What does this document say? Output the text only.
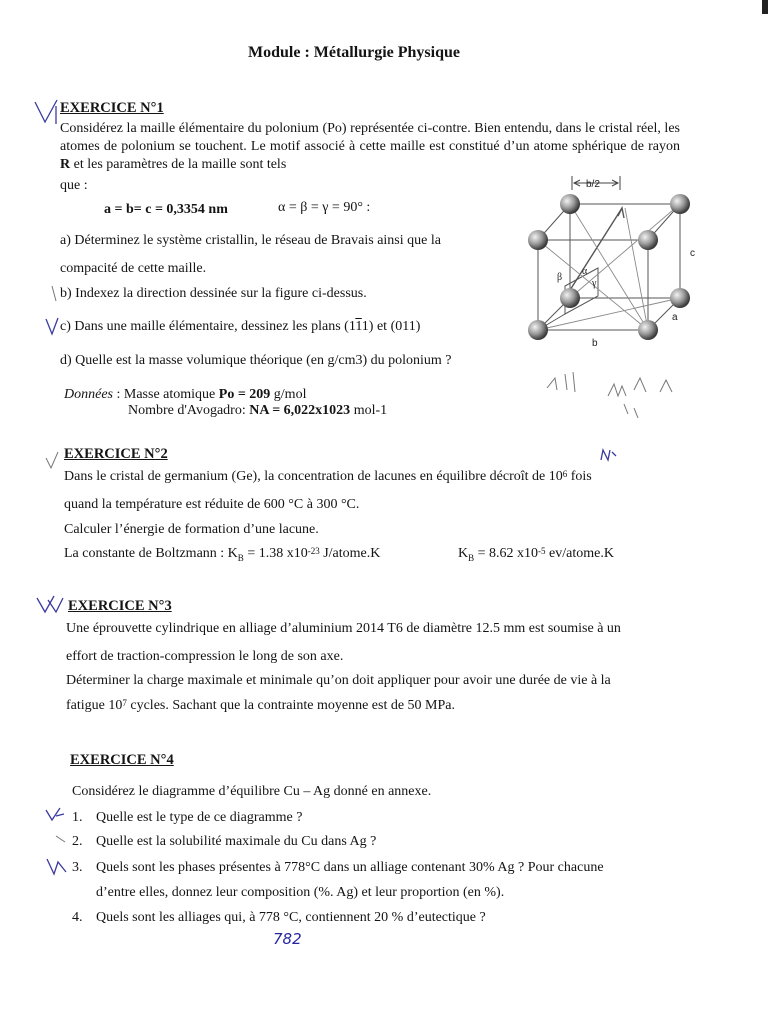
Module : Métallurgie Physique
EXERCICE N°1
Considérez la maille élémentaire du polonium (Po) représentée ci-contre. Bien entendu, dans le cristal réel, les atomes de polonium se touchent. Le motif associé à cette maille est constitué d’un atome sphérique de rayon R et les paramètres de la maille sont tels
que :
a = b= c = 0,3354 nm	α = β = γ = 90° :
a) Déterminez le système cristallin, le réseau de Bravais ainsi que la
compacité de cette maille.
b) Indexez la direction dessinée sur la figure ci-dessus.
c) Dans une maille élémentaire, dessinez les plans (111) et (011)
d) Quelle est la masse volumique théorique (en g/cm3) du polonium ?
Données : Masse atomique Po = 209 g/mol
Nombre d'Avogadro: NA = 6,022x1023 mol-1
b/2
c
b
a
α
β
γ
EXERCICE N°2
Dans le cristal de germanium (Ge), la concentration de lacunes en équilibre décroît de $10^6$ fois
quand la température est réduite de 600 °C à 300 °C.
Calculer l’énergie de formation d’une lacune.
La constante de Boltzmann : $K_B = 1.38$ $x10^{-23}$ J/atome.K	$K_B = 8.62$ $x10^{-5}$ ev/atome.K
EXERCICE N°3
Une éprouvette cylindrique en alliage d’aluminium 2014 T6 de diamètre 12.5 mm est soumise à un
effort de traction-compression le long de son axe.
Déterminer la charge maximale et minimale qu’on doit appliquer pour avoir une durée de vie à la
fatigue $10^7$ cycles. Sachant que la contrainte moyenne est de 50 MPa.
EXERCICE N°4
Considérez le diagramme d’équilibre Cu – Ag donné en annexe.
1. Quelle est le type de ce diagramme ?
2. Quelle est la solubilité maximale du Cu dans Ag ?
3. Quels sont les phases présentes à 778°C dans un alliage contenant 30% Ag ? Pour chacune
d’entre elles, donnez leur composition (%. Ag) et leur proportion (en %).
4. Quels sont les alliages qui, à 778 °C, contiennent 20 % d’eutectique ?
782
